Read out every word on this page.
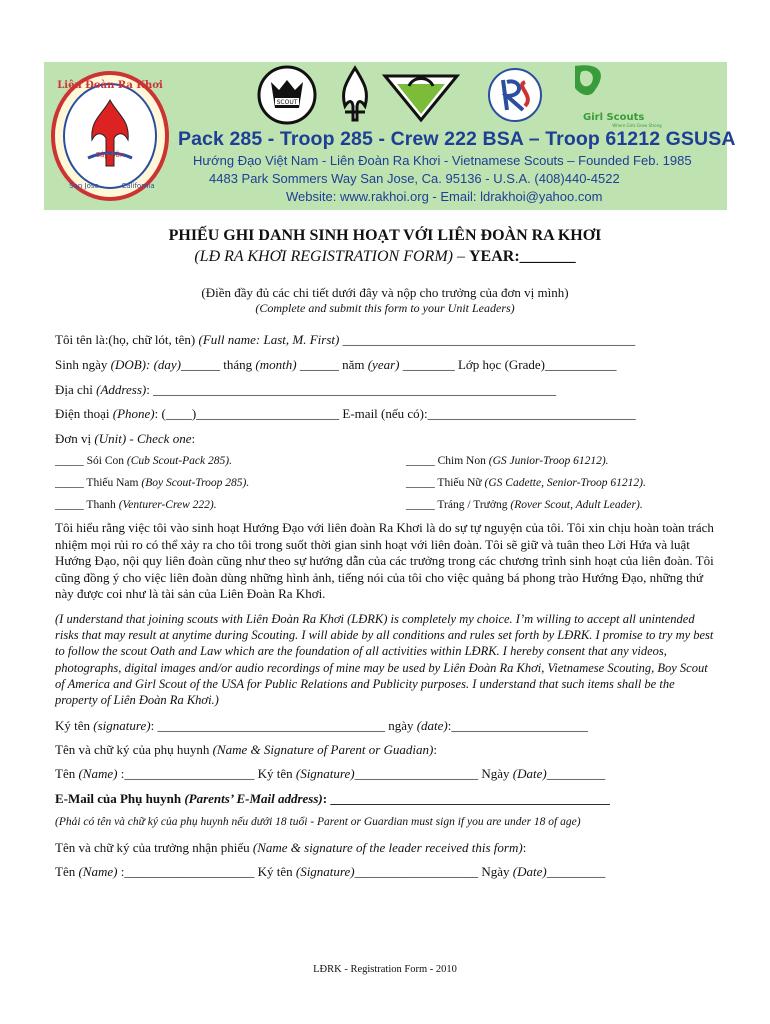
Sắp Sẵn
Liên Đoàn Ra Khơi
San Jose	California
SCOUT
Girl Scouts
Where Girls Grow Strong
Pack 285 - Troop 285 - Crew 222 BSA – Troop 61212 GSUSA
Hướng Đạo Việt Nam - Liên Đoàn Ra Khơi - Vietnamese Scouts – Founded Feb. 1985
4483 Park Sommers Way San Jose, Ca. 95136 - U.S.A. (408)440-4522
Website: www.rakhoi.org - Email: ldrakhoi@yahoo.com
PHIẾU GHI DANH SINH HOẠT VỚI LIÊN ĐOÀN RA KHƠI
(LĐ RA KHƠI REGISTRATION FORM) – YEAR:_______
(Điền đầy đủ các chi tiết dưới đây và nộp cho trưởng của đơn vị mình)
(Complete and submit this form to your Unit Leaders)
Tôi tên là:(họ, chữ lót, tên) (Full name: Last, M. First) _____________________________________________
Sinh ngày (DOB): (day)______ tháng (month) ______ năm (year) ________ Lớp học (Grade)___________
Địa chỉ (Address): ______________________________________________________________
Điện thoại (Phone): (____)______________________ E-mail (nếu có):________________________________
Đơn vị (Unit) - Check one:
_____ Sói Con (Cub Scout-Pack 285).	_____ Chim Non (GS Junior-Troop 61212).
_____ Thiếu Nam (Boy Scout-Troop 285).	_____ Thiếu Nữ (GS Cadette, Senior-Troop 61212).
_____ Thanh (Venturer-Crew 222).	_____ Tráng / Trưởng (Rover Scout, Adult Leader).
Tôi hiểu rằng việc tôi vào sinh hoạt Hướng Đạo với liên đoàn Ra Khơi là do sự tự nguyện của tôi. Tôi xin chịu hoàn toàn trách nhiệm mọi rủi ro có thể xảy ra cho tôi trong suốt thời gian sinh hoạt với liên đoàn. Tôi sẽ giữ và tuân theo Lời Hứa và luật Hướng Đạo, nội quy liên đoàn cũng như theo sự hướng dẫn của các trưởng trong các chương trình sinh hoạt của liên đoàn. Tôi cũng đồng ý cho việc liên đoàn dùng những hình ảnh, tiếng nói của tôi cho việc quảng bá phong trào Hướng Đạo, những thứ này được coi như là tài sản của Liên Đoàn Ra Khơi.
(I understand that joining scouts with Liên Đoàn Ra Khơi (LĐRK) is completely my choice. I’m willing to accept all unintended risks that may result at anytime during Scouting. I will abide by all conditions and rules set forth by LĐRK. I promise to try my best to follow the scout Oath and Law which are the foundation of all activities within LĐRK. I hereby consent that any videos, photographs, digital images and/or audio recordings of mine may be used by Liên Đoàn Ra Khơi, Vietnamese Scouting, Boy Scout of America and Girl Scout of the USA for Public Relations and Publicity purposes. I understand that such items shall be the property of Liên Đoàn Ra Khơi.)
Ký tên (signature): ___________________________________ ngày (date):_____________________
Tên và chữ ký của phụ huynh (Name & Signature of Parent or Guadian):
Tên (Name) :____________________ Ký tên (Signature)___________________ Ngày (Date)_________
E-Mail của Phụ huynh (Parents’ E-Mail address): ___________________________________________
(Phải có tên và chữ ký của phụ huynh nếu dưới 18 tuổi - Parent or Guardian must sign if you are under 18 of age)
Tên và chữ ký của trưởng nhận phiếu (Name & signature of the leader received this form):
Tên (Name) :____________________ Ký tên (Signature)___________________ Ngày (Date)_________
LĐRK - Registration Form - 2010
